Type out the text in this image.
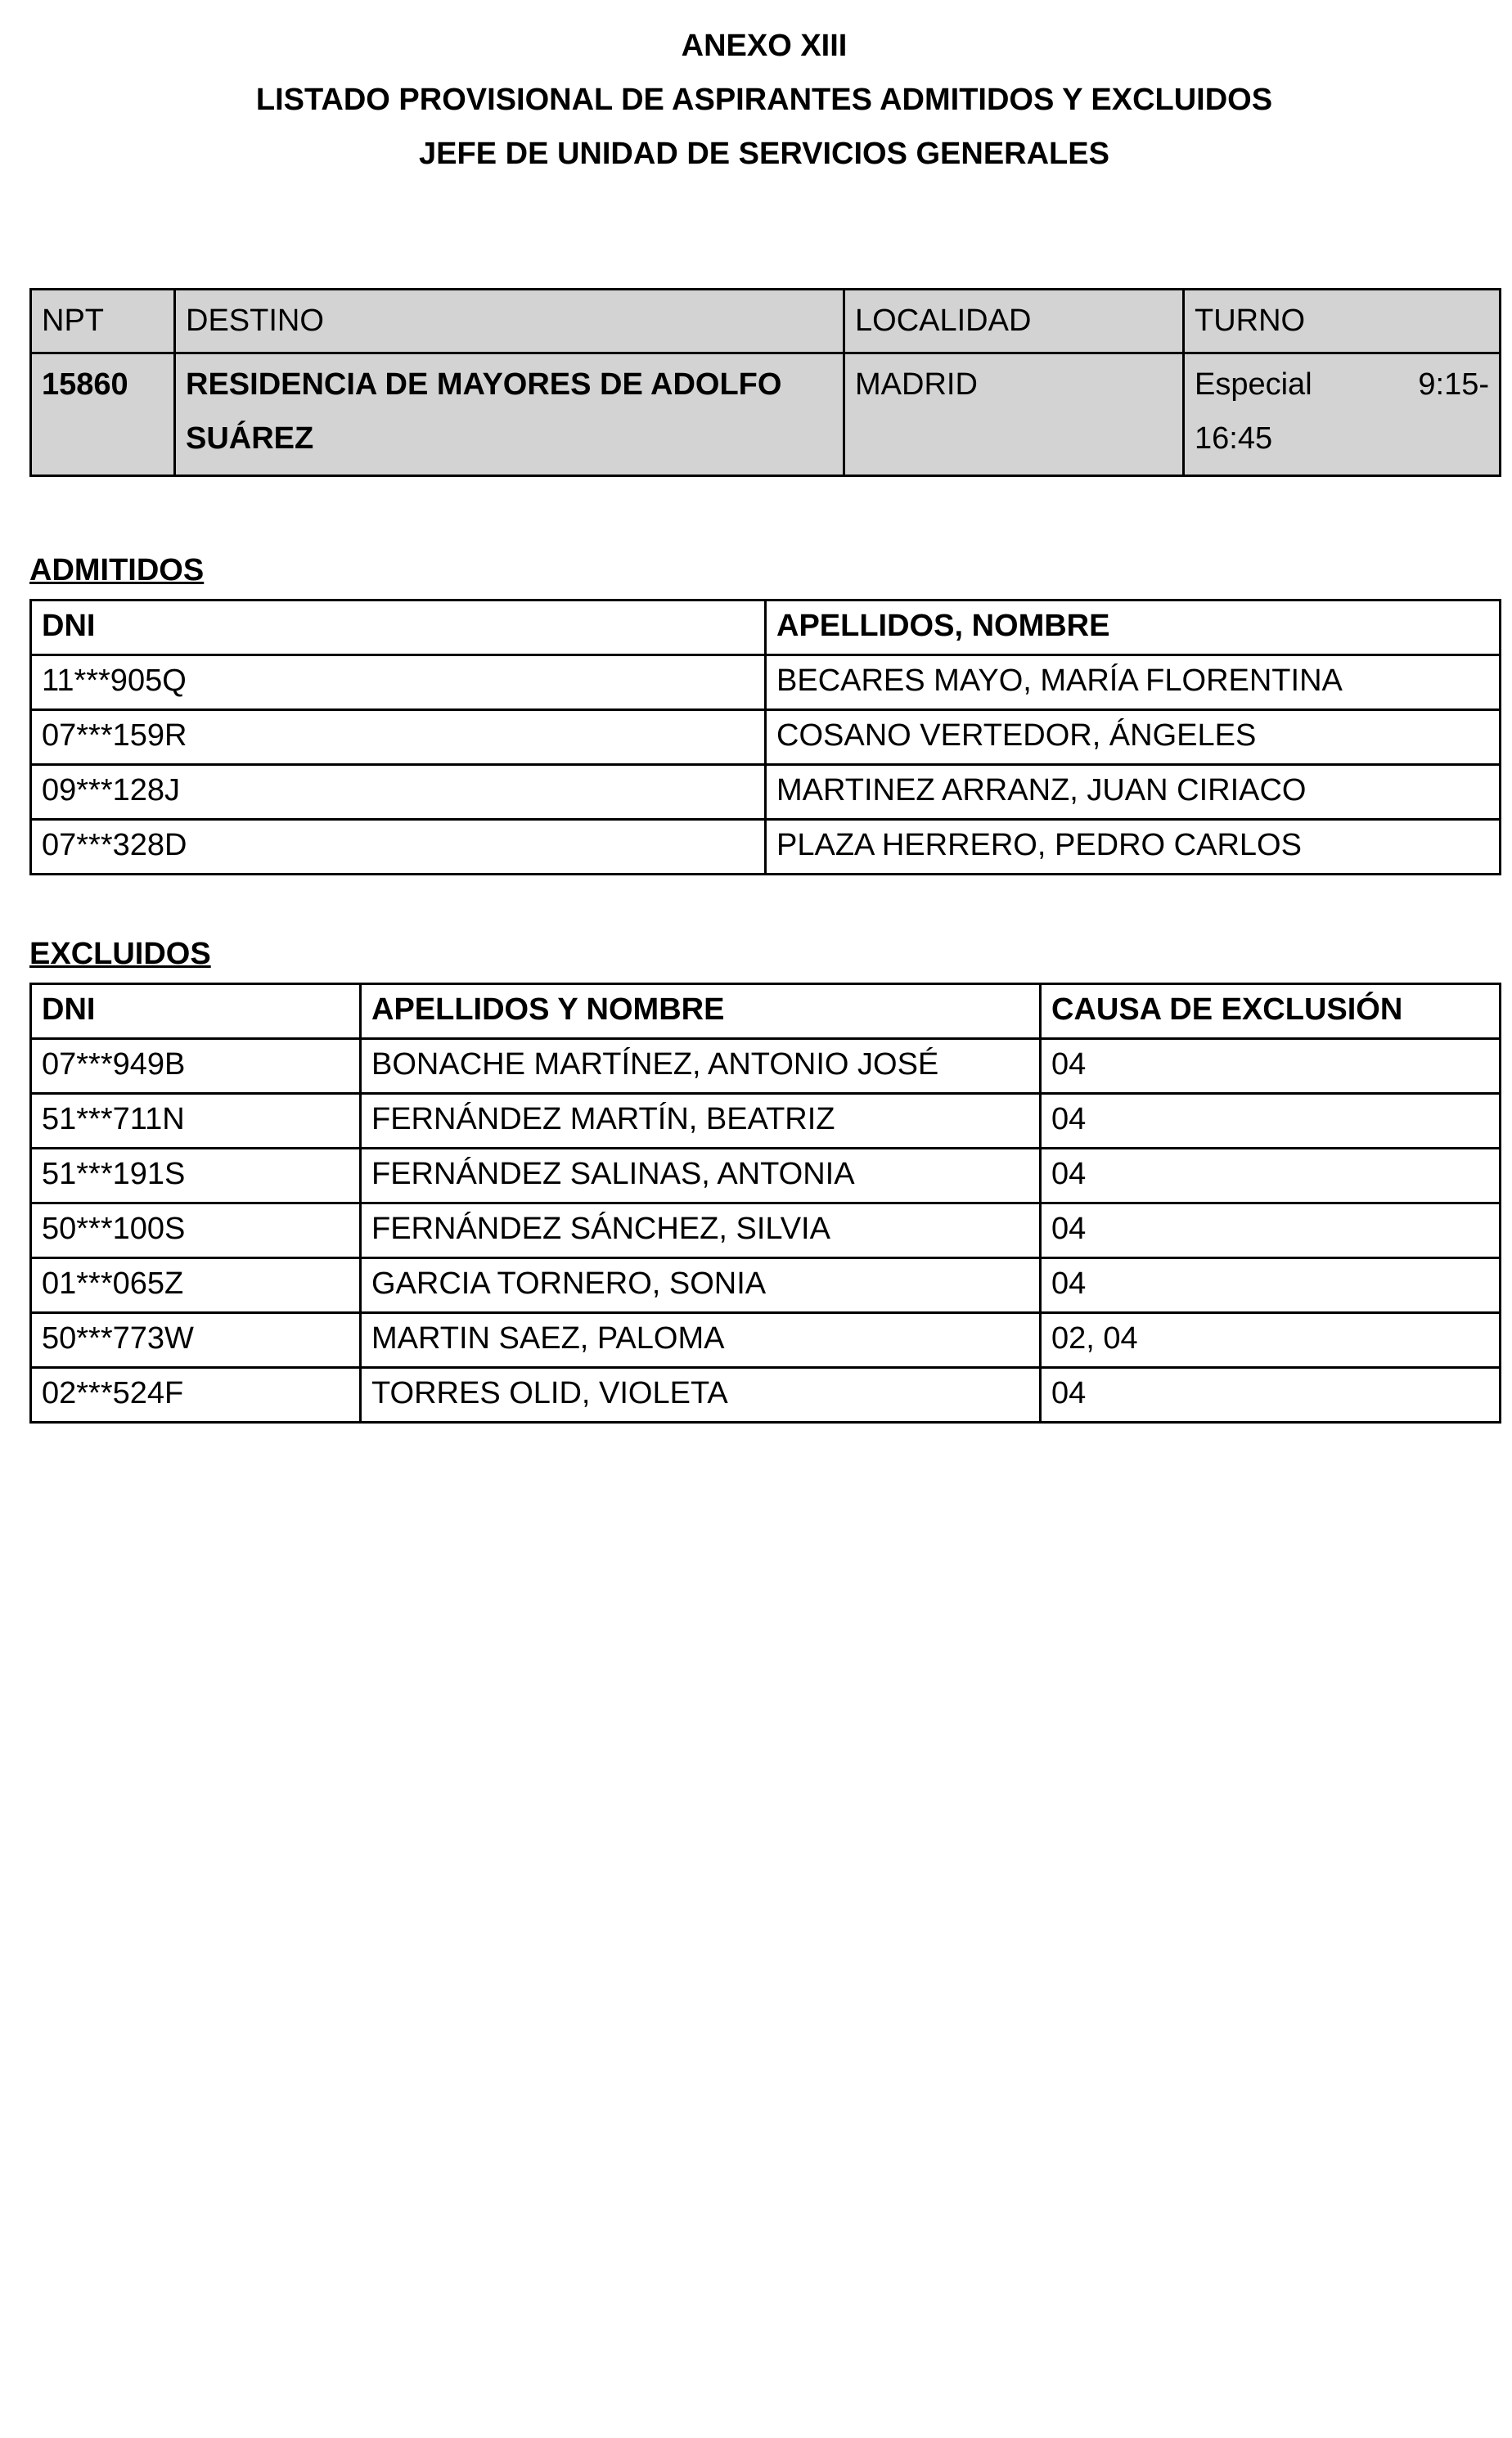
ANEXO XIII
LISTADO PROVISIONAL DE ASPIRANTES ADMITIDOS Y EXCLUIDOS
JEFE DE UNIDAD DE SERVICIOS GENERALES
NPT	DESTINO	LOCALIDAD	TURNO
15860	RESIDENCIA DE MAYORES DE ADOLFO SUÁREZ	MADRID	Especial 9:15-
16:45
ADMITIDOS
DNI	APELLIDOS, NOMBRE
11***905Q	BECARES MAYO, MARÍA FLORENTINA
07***159R	COSANO VERTEDOR, ÁNGELES
09***128J	MARTINEZ ARRANZ, JUAN CIRIACO
07***328D	PLAZA HERRERO, PEDRO CARLOS
EXCLUIDOS
DNI	APELLIDOS Y NOMBRE	CAUSA DE EXCLUSIÓN
07***949B	BONACHE MARTÍNEZ, ANTONIO JOSÉ	04
51***711N	FERNÁNDEZ MARTÍN, BEATRIZ	04
51***191S	FERNÁNDEZ SALINAS, ANTONIA	04
50***100S	FERNÁNDEZ SÁNCHEZ, SILVIA	04
01***065Z	GARCIA TORNERO, SONIA	04
50***773W	MARTIN SAEZ, PALOMA	02, 04
02***524F	TORRES OLID, VIOLETA	04
